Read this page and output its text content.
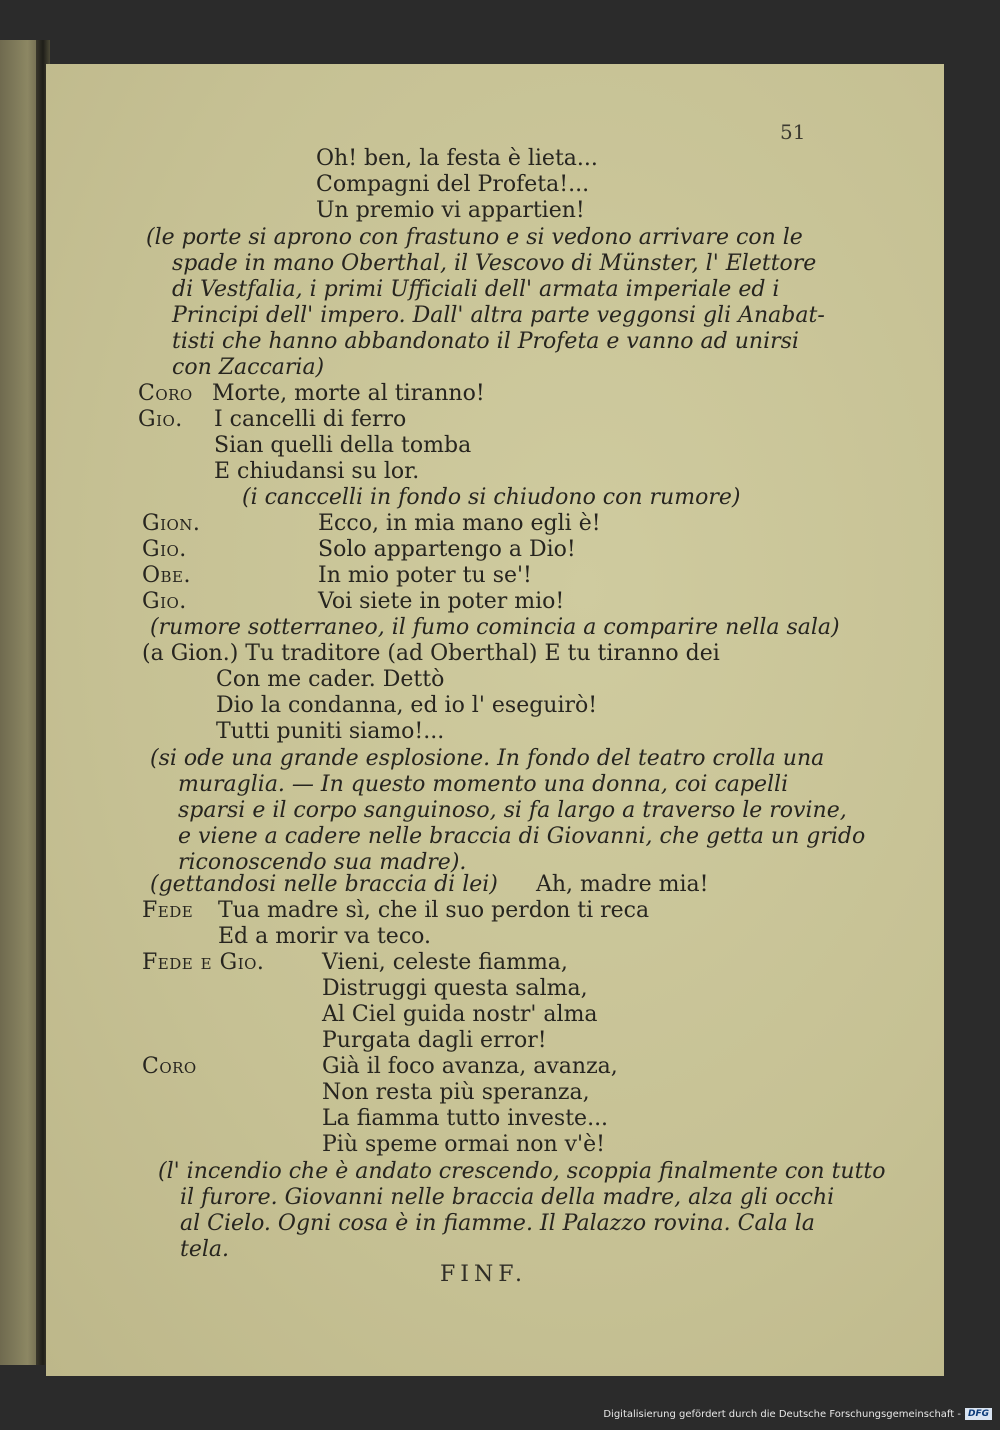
51
Oh! ben, la festa è lieta...
Compagni del Profeta!...
Un premio vi appartien!
(le porte si aprono con frastuno e si vedono arrivare con le
spade in mano Oberthal, il Vescovo di Münster, l' Elettore
di Vestfalia, i primi Ufficiali dell' armata imperiale ed i
Principi dell' impero. Dall' altra parte veggonsi gli Anabat-
tisti che hanno abbandonato il Profeta e vanno ad unirsi
con Zaccaria)
Coro Morte, morte al tiranno!
Gio. I cancelli di ferro
Sian quelli della tomba
E chiudansi su lor.
(i canccelli in fondo si chiudono con rumore)
Gion.	Ecco, in mia mano egli è!
Gio.	Solo appartengo a Dio!
Obe.	In mio poter tu se'!
Gio.	Voi siete in poter mio!
(rumore sotterraneo, il fumo comincia a comparire nella sala)
(a Gion.) Tu traditore (ad Oberthal) E tu tiranno dei
Con me cader. Dettò
Dio la condanna, ed io l' eseguirò!
Tutti puniti siamo!...
(si ode una grande esplosione. In fondo del teatro crolla una
muraglia. — In questo momento una donna, coi capelli
sparsi e il corpo sanguinoso, si fa largo a traverso le rovine,
e viene a cadere nelle braccia di Giovanni, che getta un grido
riconoscendo sua madre).
(gettandosi nelle braccia di lei) Ah, madre mia!
Fede Tua madre sì, che il suo perdon ti reca
Ed a morir va teco.
Fede e Gio.	Vieni, celeste fiamma,
Distruggi questa salma,
Al Ciel guida nostr' alma
Purgata dagli error!
Coro	Già il foco avanza, avanza,
Non resta più speranza,
La fiamma tutto investe...
Più speme ormai non v'è!
(l' incendio che è andato crescendo, scoppia finalmente con tutto
il furore. Giovanni nelle braccia della madre, alza gli occhi
al Cielo. Ogni cosa è in fiamme. Il Palazzo rovina. Cala la
tela.
FINF.
Digitalisierung gefördert durch die Deutsche Forschungsgemeinschaft - DFG
